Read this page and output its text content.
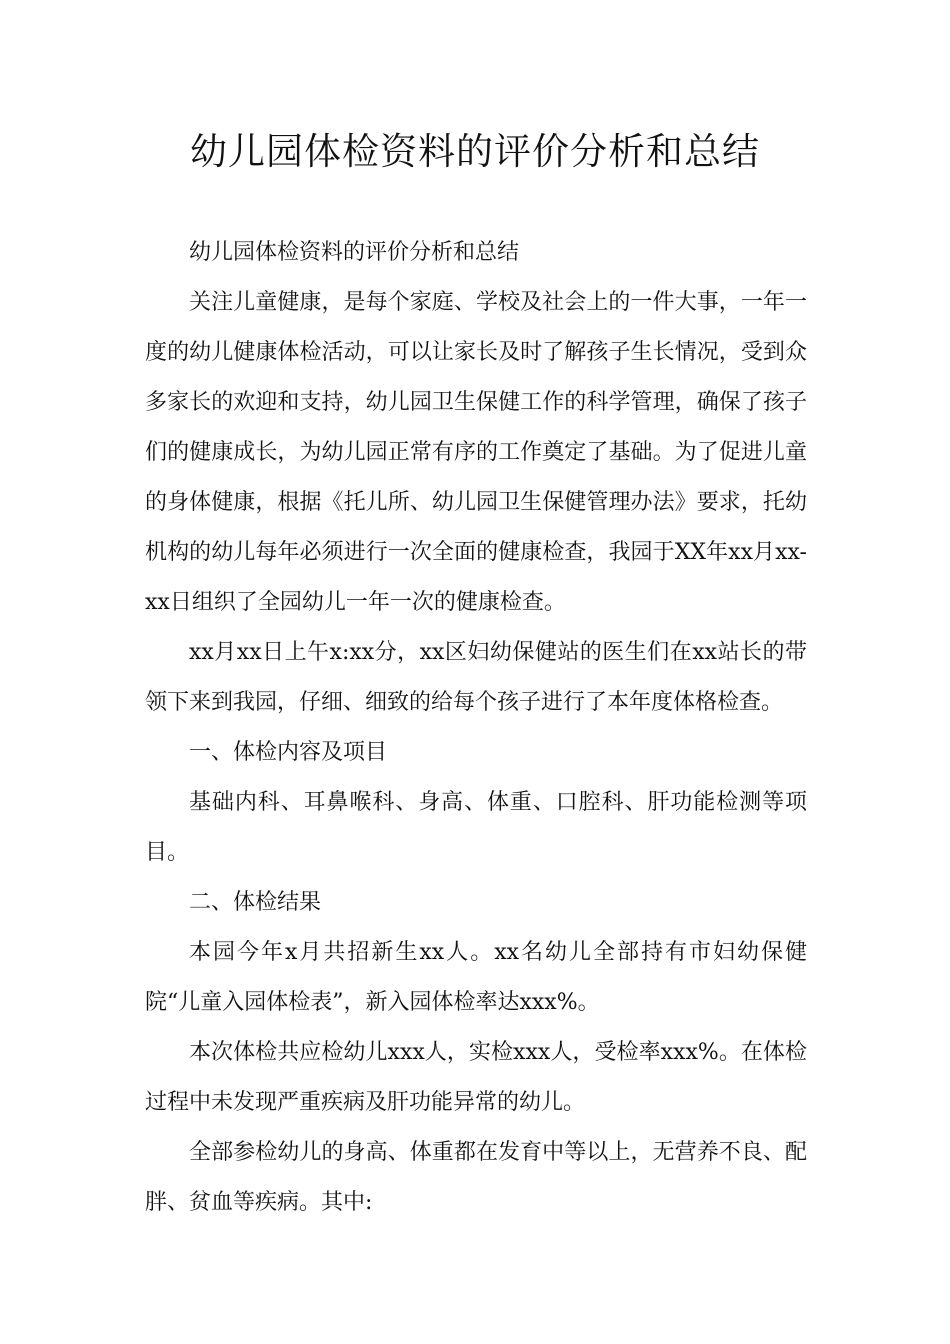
幼儿园体检资料的评价分析和总结

幼儿园体检资料的评价分析和总结

关注儿童健康，是每个家庭、学校及社会上的一件大事，一年一度的幼儿健康体检活动，可以让家长及时了解孩子生长情况，受到众多家长的欢迎和支持，幼儿园卫生保健工作的科学管理，确保了孩子们的健康成长，为幼儿园正常有序的工作奠定了基础。为了促进儿童的身体健康，根据《托儿所、幼儿园卫生保健管理办法》要求，托幼机构的幼儿每年必须进行一次全面的健康检查，我园于XX年xx月xx-xx日组织了全园幼儿一年一次的健康检查。

xx月xx日上午x:xx分，xx区妇幼保健站的医生们在xx站长的带领下来到我园，仔细、细致的给每个孩子进行了本年度体格检查。

一、体检内容及项目

基础内科、耳鼻喉科、身高、体重、口腔科、肝功能检测等项目。

二、体检结果

本园今年x月共招新生xx人。xx名幼儿全部持有市妇幼保健院“儿童入园体检表”，新入园体检率达xxx%。

本次体检共应检幼儿xxx人，实检xxx人，受检率xxx%。在体检过程中未发现严重疾病及肝功能异常的幼儿。

全部参检幼儿的身高、体重都在发育中等以上，无营养不良、配胖、贫血等疾病。其中:
